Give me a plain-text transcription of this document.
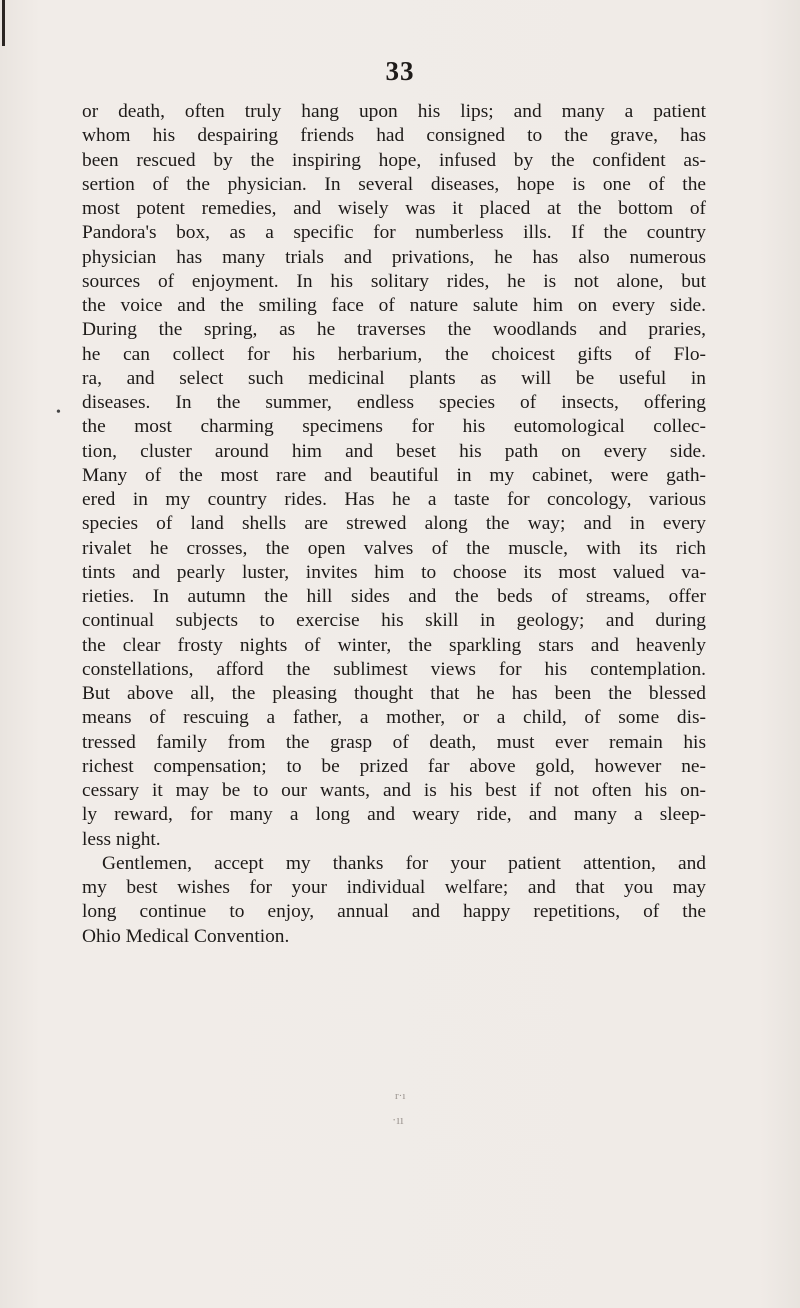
33
•
or death, often truly hang upon his lips; and many a patient
whom his despairing friends had consigned to the grave, has
been rescued by the inspiring hope, infused by the confident as-
sertion of the physician. In several diseases, hope is one of the
most potent remedies, and wisely was it placed at the bottom of
Pandora's box, as a specific for numberless ills. If the country
physician has many trials and privations, he has also numerous
sources of enjoyment. In his solitary rides, he is not alone, but
the voice and the smiling face of nature salute him on every side.
During the spring, as he traverses the woodlands and praries,
he can collect for his herbarium, the choicest gifts of Flo-
ra, and select such medicinal plants as will be useful in
diseases. In the summer, endless species of insects, offering
the most charming specimens for his eutomological collec-
tion, cluster around him and beset his path on every side.
Many of the most rare and beautiful in my cabinet, were gath-
ered in my country rides. Has he a taste for concology, various
species of land shells are strewed along the way; and in every
rivalet he crosses, the open valves of the muscle, with its rich
tints and pearly luster, invites him to choose its most valued va-
rieties. In autumn the hill sides and the beds of streams, offer
continual subjects to exercise his skill in geology; and during
the clear frosty nights of winter, the sparkling stars and heavenly
constellations, afford the sublimest views for his contemplation.
But above all, the pleasing thought that he has been the blessed
means of rescuing a father, a mother, or a child, of some dis-
tressed family from the grasp of death, must ever remain his
richest compensation; to be prized far above gold, however ne-
cessary it may be to our wants, and is his best if not often his on-
ly reward, for many a long and weary ride, and many a sleep-
less night.
Gentlemen, accept my thanks for your patient attention, and
my best wishes for your individual welfare; and that you may
long continue to enjoy, annual and happy repetitions, of the
Ohio Medical Convention.
r·ı
·ıı
